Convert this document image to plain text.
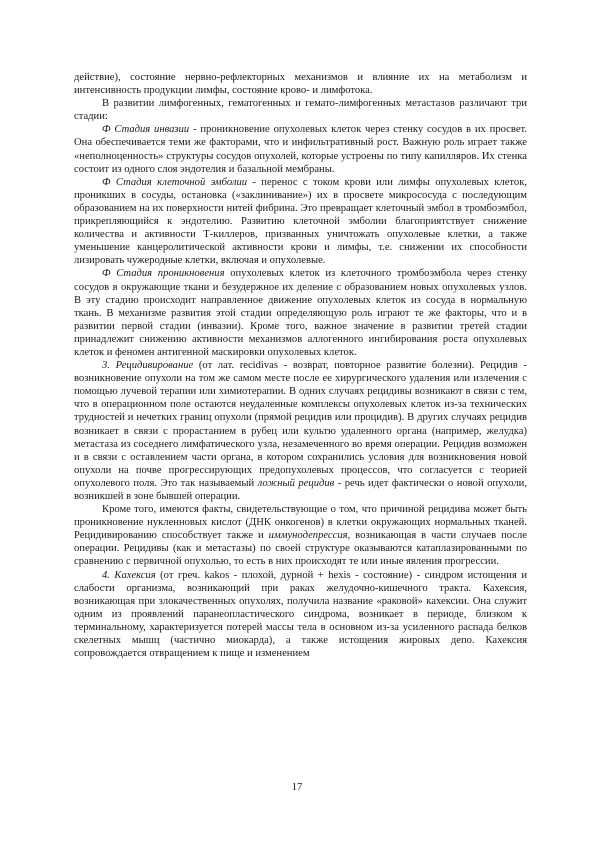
действие), состояние нервно-рефлекторных механизмов и влияние их на метаболизм и интенсивность продукции лимфы, состояние крово- и лимфотока.

В развитии лимфогенных, гематогенных и гемато-лимфогенных метастазов различают три стадии:

Ф Стадия инвазии - проникновение опухолевых клеток через стенку сосудов в их просвет. Она обеспечивается теми же факторами, что и инфильтративный рост. Важную роль играет также «неполноценность» структуры сосудов опухолей, которые устроены по типу капилляров. Их стенка состоит из одного слоя эндотелия и базальной мембраны.

Ф Стадия клеточной эмболии - перенос с током крови или лимфы опухолевых клеток, проникших в сосуды, остановка («заклинивание») их в просвете микрососуда с последующим образованием на их поверхности нитей фибрина. Это превращает клеточный эмбол в тромбоэмбол, прикрепляющийся к эндотелию. Развитию клеточной эмболии благоприятствует снижение количества и активности Т-киллеров, призванных уничтожать опухолевые клетки, а также уменьшение канцеролитической активности крови и лимфы, т.е. снижении их способности лизировать чужеродные клетки, включая и опухолевые.

Ф Стадия проникновения опухолевых клеток из клеточного тромбоэмбола через стенку сосудов в окружающие ткани и безудержное их деление с образованием новых опухолевых узлов. В эту стадию происходит направленное движение опухолевых клеток из сосуда в нормальную ткань. В механизме развития этой стадии определяющую роль играют те же факторы, что и в развитии первой стадии (инвазии). Кроме того, важное значение в развитии третей стадии принадлежит снижению активности механизмов аллогенного ингибирования роста опухолевых клеток и феномен антигенной маскировки опухолевых клеток.

3. Рецидивирование (от лат. recidivas - возврат, повторное развитие болезни). Рецидив - возникновение опухоли на том же самом месте после ее хирургического удаления или излечения с помощью лучевой терапии или химиотерапии. В одних случаях рецидивы возникают в связи с тем, что в операционном поле остаются неудаленные комплексы опухолевых клеток из-за технических трудностей и нечетких границ опухоли (прямой рецидив или процидив). В других случаях рецидив возникает в связи с прорастанием в рубец или культю удаленного органа (например, желудка) метастаза из соседнего лимфатического узла, незамеченного во время операции. Рецидив возможен и в связи с оставлением части органа, в котором сохранились условия для возникновения новой опухоли на почве прогрессирующих предопухолевых процессов, что согласуется с теорией опухолевого поля. Это так называемый ложный рецидив - речь идет фактически о новой опухоли, возникшей в зоне бывшей операции.

Кроме того, имеются факты, свидетельствующие о том, что причиной рецидива может быть проникновение нукленновых кислот (ДНК онкогенов) в клетки окружающих нормальных тканей. Рецидивированию способствует также и иммунодепрессия, возникающая в части случаев после операции. Рецидивы (как и метастазы) по своей структуре оказываются катаплазированными по сравнению с первичной опухолью, то есть в них происходят те или иные явления прогрессии.

4. Кахексия (от греч. kakos - плохой, дурной + hexis - состояние) - синдром истощения и слабости организма, возникающий при раках желудочно-кишечного тракта. Кахексия, возникающая при злокачественных опухолях, получила название «раковой» кахексии. Она служит одним из проявлений паранеопластического синдрома, возникает в периоде, близком к терминальному, характеризуется потерей массы тела в основном из-за усиленного распада белков скелетных мышц (частично миокарда), а также истощения жировых депо. Кахексия сопровождается отвращением к пище и изменением

17
